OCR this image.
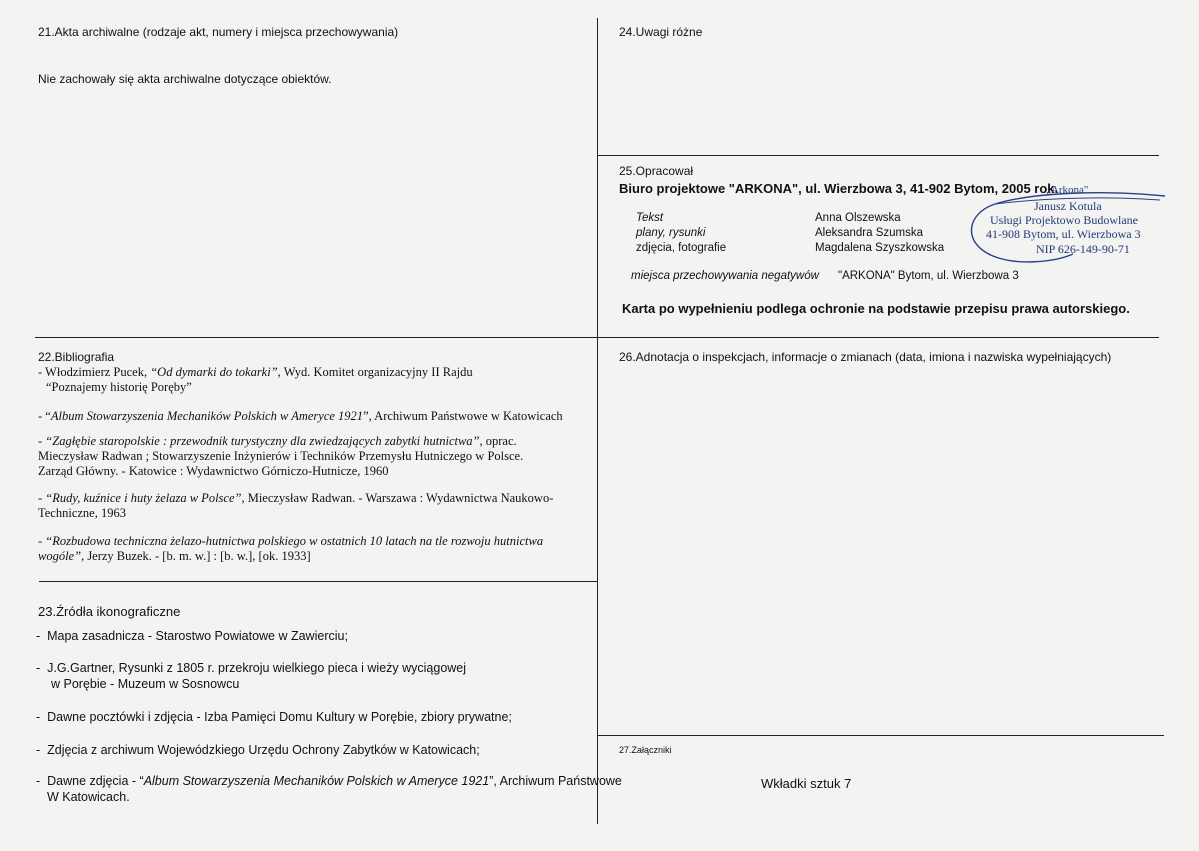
21.Akta archiwalne (rodzaje akt, numery i miejsca przechowywania)
Nie zachowały się akta archiwalne dotyczące obiektów.
24.Uwagi różne
25.Opracował
Biuro projektowe "ARKONA", ul. Wierzbowa 3, 41-902 Bytom, 2005 rok.
Tekst
plany, rysunki
zdjęcia, fotografie
Anna Olszewska
Aleksandra Szumska
Magdalena Szyszkowska
miejsca przechowywania negatywów "ARKONA" Bytom, ul. Wierzbowa 3
Karta po wypełnieniu podlega ochronie na podstawie przepisu prawa autorskiego.
„Arkona"
Janusz Kotula
Usługi Projektowo Budowlane
41-908 Bytom, ul. Wierzbowa 3
NIP 626-149-90-71
22.Bibliografia
- Włodzimierz Pucek, “Od dymarki do tokarki”, Wyd. Komitet organizacyjny II Rajdu
“Poznajemy historię Poręby”
- “Album Stowarzyszenia Mechaników Polskich w Ameryce 1921”, Archiwum Państwowe w Katowicach
- “Zagłębie staropolskie : przewodnik turystyczny dla zwiedzających zabytki hutnictwa”, oprac. Mieczysław Radwan ; Stowarzyszenie Inżynierów i Techników Przemysłu Hutniczego w Polsce. Zarząd Główny. - Katowice : Wydawnictwo Górniczo-Hutnicze, 1960
- “Rudy, kuźnice i huty żelaza w Polsce”, Mieczysław Radwan. - Warszawa : Wydawnictwa Naukowo-Techniczne, 1963
- “Rozbudowa techniczna żelazo-hutnictwa polskiego w ostatnich 10 latach na tle rozwoju hutnictwa wogóle”, Jerzy Buzek. - [b. m. w.] : [b. w.], [ok. 1933]
23.Źródła ikonograficzne
-  Mapa zasadnicza - Starostwo Powiatowe w Zawierciu;
-  J.G.Gartner, Rysunki z 1805 r. przekroju wielkiego pieca i wieży wyciągowej
w Porębie - Muzeum w Sosnowcu
-  Dawne pocztówki i zdjęcia - Izba Pamięci Domu Kultury w Porębie, zbiory prywatne;
-  Zdjęcia z archiwum Wojewódzkiego Urzędu Ochrony Zabytków w Katowicach;
-  Dawne zdjęcia - “Album Stowarzyszenia Mechaników Polskich w Ameryce 1921”, Archiwum Państwowe
W Katowicach.
26.Adnotacja o inspekcjach, informacje o zmianach (data, imiona i nazwiska wypełniających)
27.Załączniki
Wkładki sztuk 7
